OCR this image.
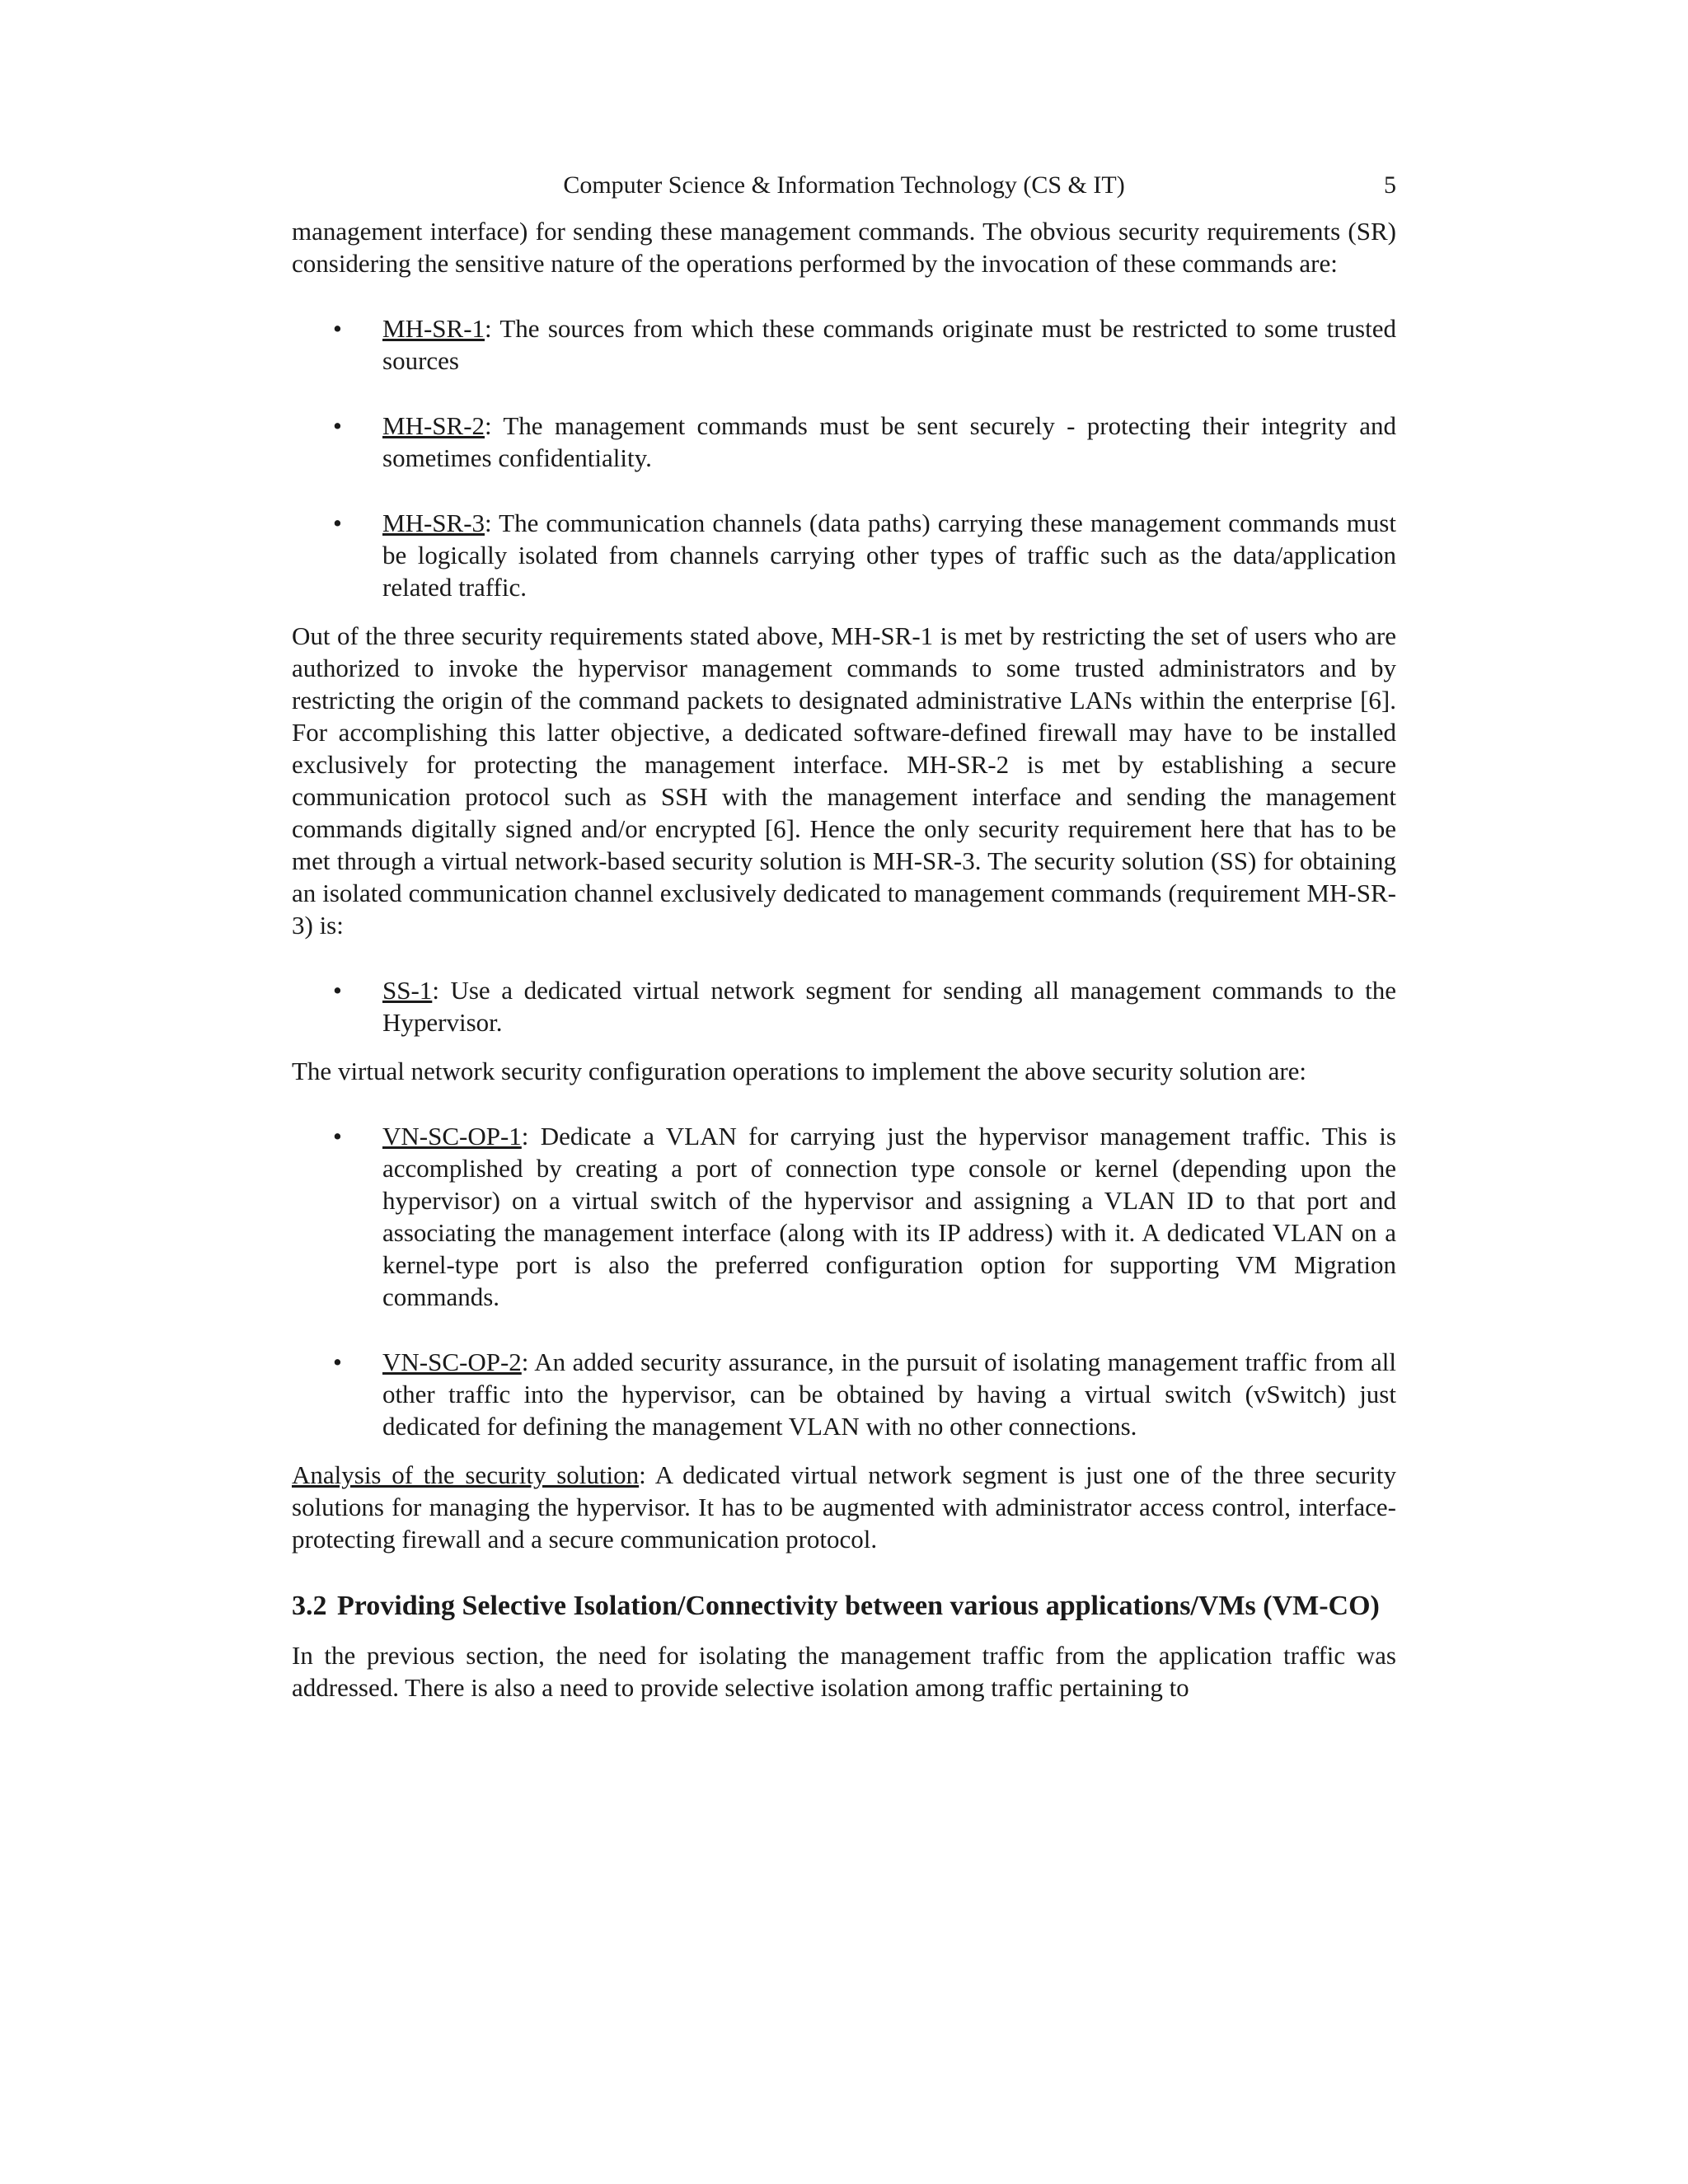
Computer Science & Information Technology (CS & IT)	5

management interface) for sending these management commands. The obvious security requirements (SR) considering the sensitive nature of the operations performed by the invocation of these commands are:

• MH-SR-1: The sources from which these commands originate must be restricted to some trusted sources
• MH-SR-2: The management commands must be sent securely - protecting their integrity and sometimes confidentiality.
• MH-SR-3: The communication channels (data paths) carrying these management commands must be logically isolated from channels carrying other types of traffic such as the data/application related traffic.

Out of the three security requirements stated above, MH-SR-1 is met by restricting the set of users who are authorized to invoke the hypervisor management commands to some trusted administrators and by restricting the origin of the command packets to designated administrative LANs within the enterprise [6]. For accomplishing this latter objective, a dedicated software-defined firewall may have to be installed exclusively for protecting the management interface. MH-SR-2 is met by establishing a secure communication protocol such as SSH with the management interface and sending the management commands digitally signed and/or encrypted [6]. Hence the only security requirement here that has to be met through a virtual network-based security solution is MH-SR-3. The security solution (SS) for obtaining an isolated communication channel exclusively dedicated to management commands (requirement MH-SR-3) is:

• SS-1: Use a dedicated virtual network segment for sending all management commands to the Hypervisor.

The virtual network security configuration operations to implement the above security solution are:

• VN-SC-OP-1: Dedicate a VLAN for carrying just the hypervisor management traffic. This is accomplished by creating a port of connection type console or kernel (depending upon the hypervisor) on a virtual switch of the hypervisor and assigning a VLAN ID to that port and associating the management interface (along with its IP address) with it. A dedicated VLAN on a kernel-type port is also the preferred configuration option for supporting VM Migration commands.
• VN-SC-OP-2: An added security assurance, in the pursuit of isolating management traffic from all other traffic into the hypervisor, can be obtained by having a virtual switch (vSwitch) just dedicated for defining the management VLAN with no other connections.

Analysis of the security solution: A dedicated virtual network segment is just one of the three security solutions for managing the hypervisor. It has to be augmented with administrator access control, interface-protecting firewall and a secure communication protocol.

3.2 Providing Selective Isolation/Connectivity between various applications/VMs (VM-CO)

In the previous section, the need for isolating the management traffic from the application traffic was addressed. There is also a need to provide selective isolation among traffic pertaining to
